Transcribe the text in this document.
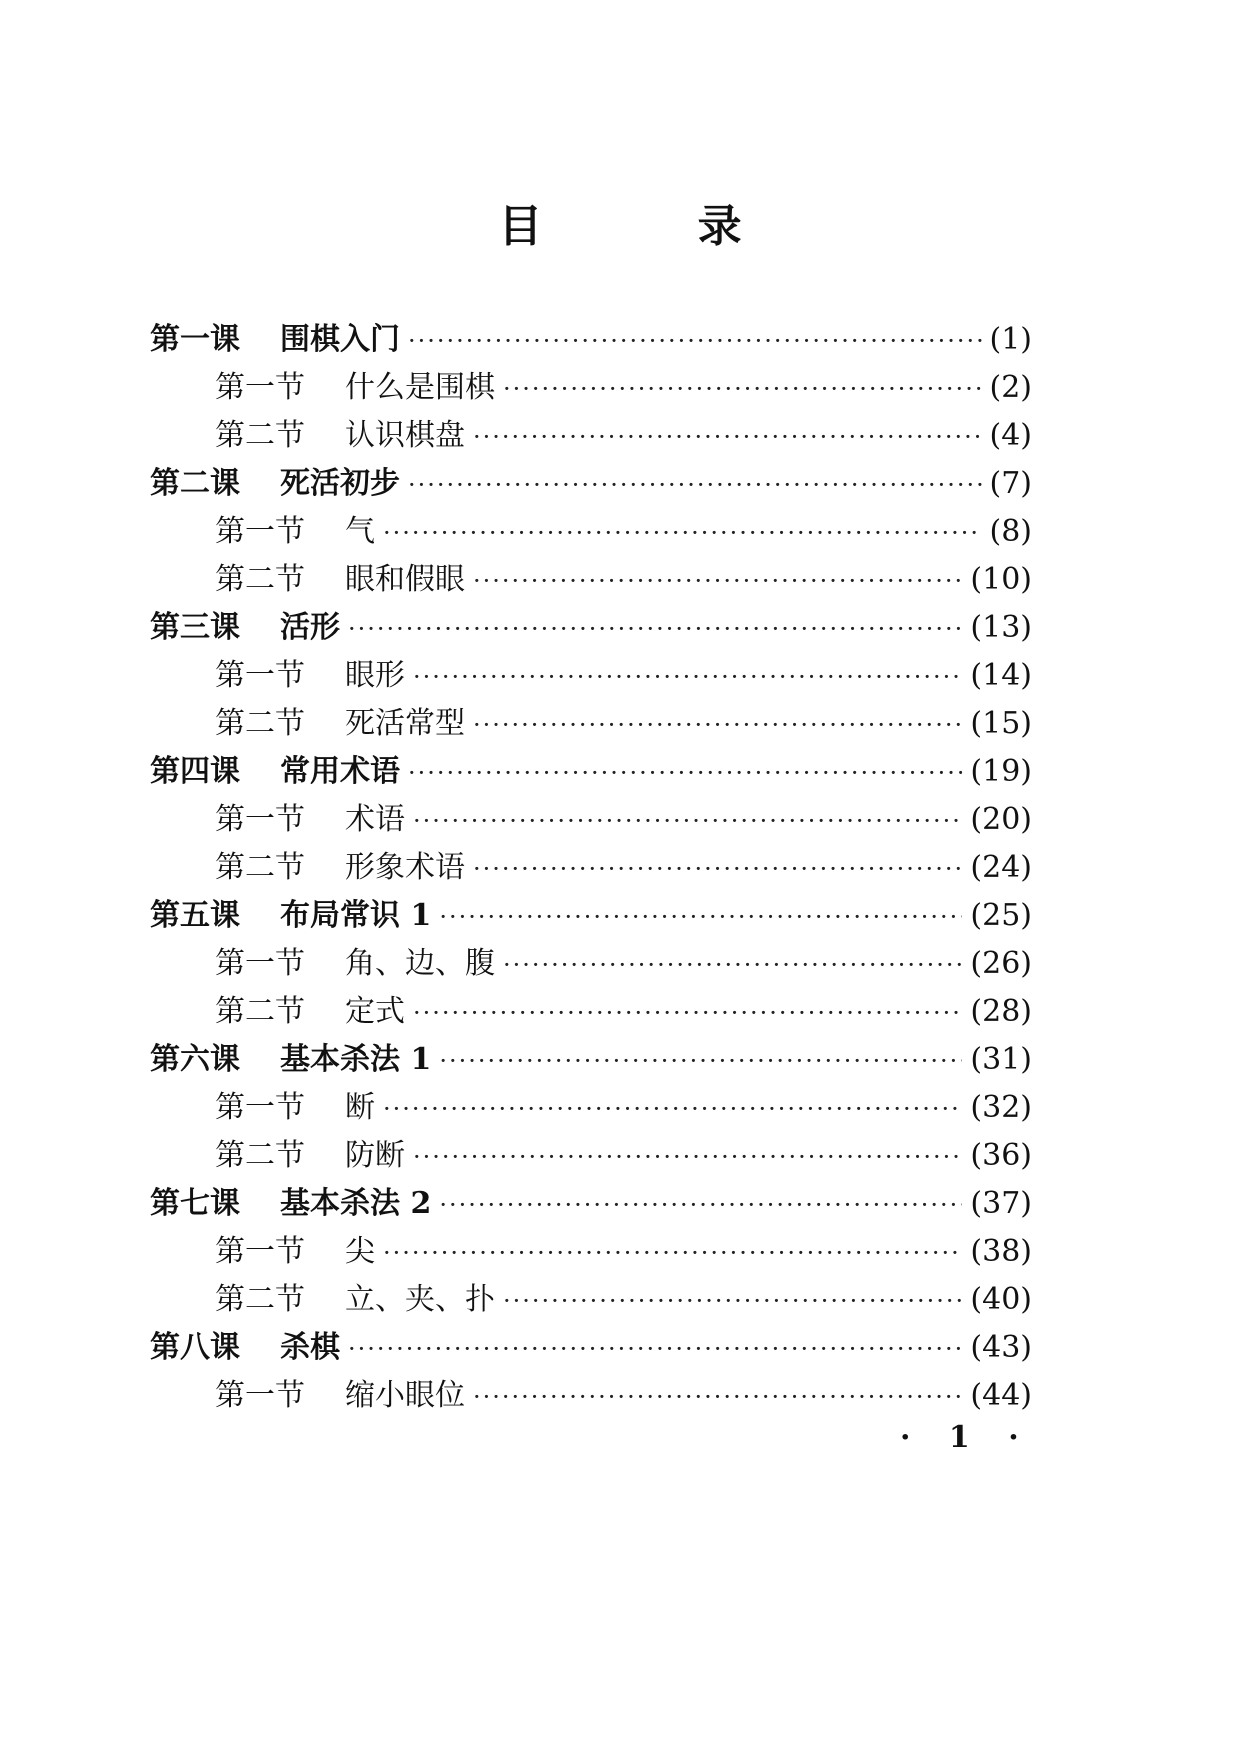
目 录
第一课	围棋入门 ·····	(1)
第一节	什么是围棋 ·····	(2)
第二节	认识棋盘 ·····	(4)
第二课	死活初步 ·····	(7)
第一节	气 ·····	(8)
第二节	眼和假眼 ·····	(10)
第三课	活形 ·····	(13)
第一节	眼形 ·····	(14)
第二节	死活常型 ·····	(15)
第四课	常用术语 ·····	(19)
第一节	术语 ·····	(20)
第二节	形象术语 ·····	(24)
第五课	布局常识 1 ·····	(25)
第一节	角、边、腹 ·····	(26)
第二节	定式 ·····	(28)
第六课	基本杀法 1 ·····	(31)
第一节	断 ·····	(32)
第二节	防断 ·····	(36)
第七课	基本杀法 2 ·····	(37)
第一节	尖 ·····	(38)
第二节	立、夹、扑 ·····	(40)
第八课	杀棋 ·····	(43)
第一节	缩小眼位 ·····	(44)
· 1 ·
